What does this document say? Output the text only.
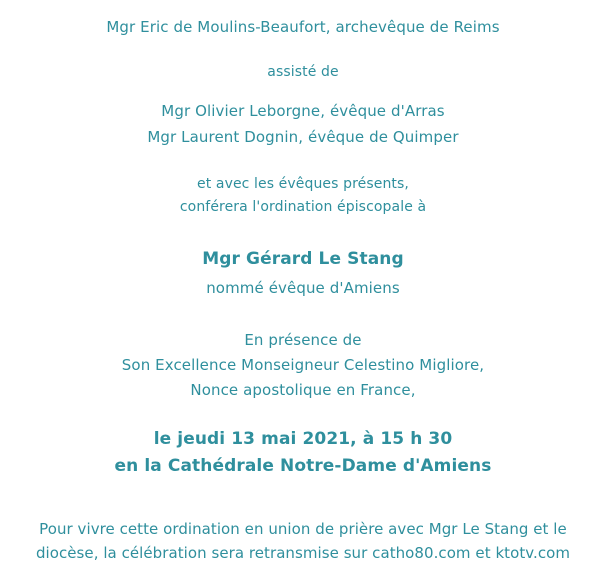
Mgr Eric de Moulins-Beaufort, archevêque de Reims
assisté de
Mgr Olivier Leborgne, évêque d'Arras
Mgr Laurent Dognin, évêque de Quimper
et avec les évêques présents,
conférera l'ordination épiscopale à
Mgr Gérard Le Stang
nommé évêque d'Amiens
En présence de
Son Excellence Monseigneur Celestino Migliore,
Nonce apostolique en France,
le jeudi 13 mai 2021, à 15 h 30
en la Cathédrale Notre-Dame d'Amiens
Pour vivre cette ordination en union de prière avec Mgr Le Stang et le
diocèse, la célébration sera retransmise sur catho80.com et ktotv.com
